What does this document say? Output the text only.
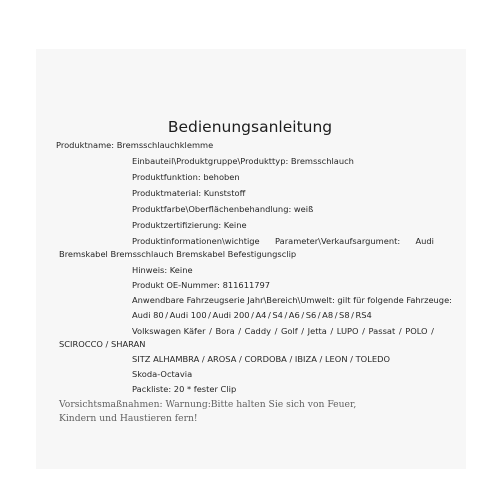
Bedienungsanleitung
Produktname: Bremsschlauchklemme
Einbauteil\Produktgruppe\Produkttyp: Bremsschlauch
Produktfunktion: behoben
Produktmaterial: Kunststoff
Produktfarbe\Oberflächenbehandlung: weiß
Produktzertifizierung: Keine
Produktinformationen\wichtige Parameter\Verkaufsargument: Audi
Bremskabel Bremsschlauch Bremskabel Befestigungsclip
Hinweis: Keine
Produkt OE-Nummer: 811611797
Anwendbare Fahrzeugserie Jahr\Bereich\Umwelt: gilt für folgende Fahrzeuge:
Audi 80 / Audi 100 / Audi 200 / A4 / S4 / A6 / S6 / A8 / S8 / RS4
Volkswagen Käfer / Bora / Caddy / Golf / Jetta / LUPO / Passat / POLO /
SCIROCCO / SHARAN
SITZ ALHAMBRA / AROSA / CORDOBA / IBIZA / LEON / TOLEDO
Skoda-Octavia
Packliste: 20 * fester Clip
Vorsichtsmaßnahmen: Warnung:Bitte halten Sie sich von Feuer, Kindern und Haustieren fern!
